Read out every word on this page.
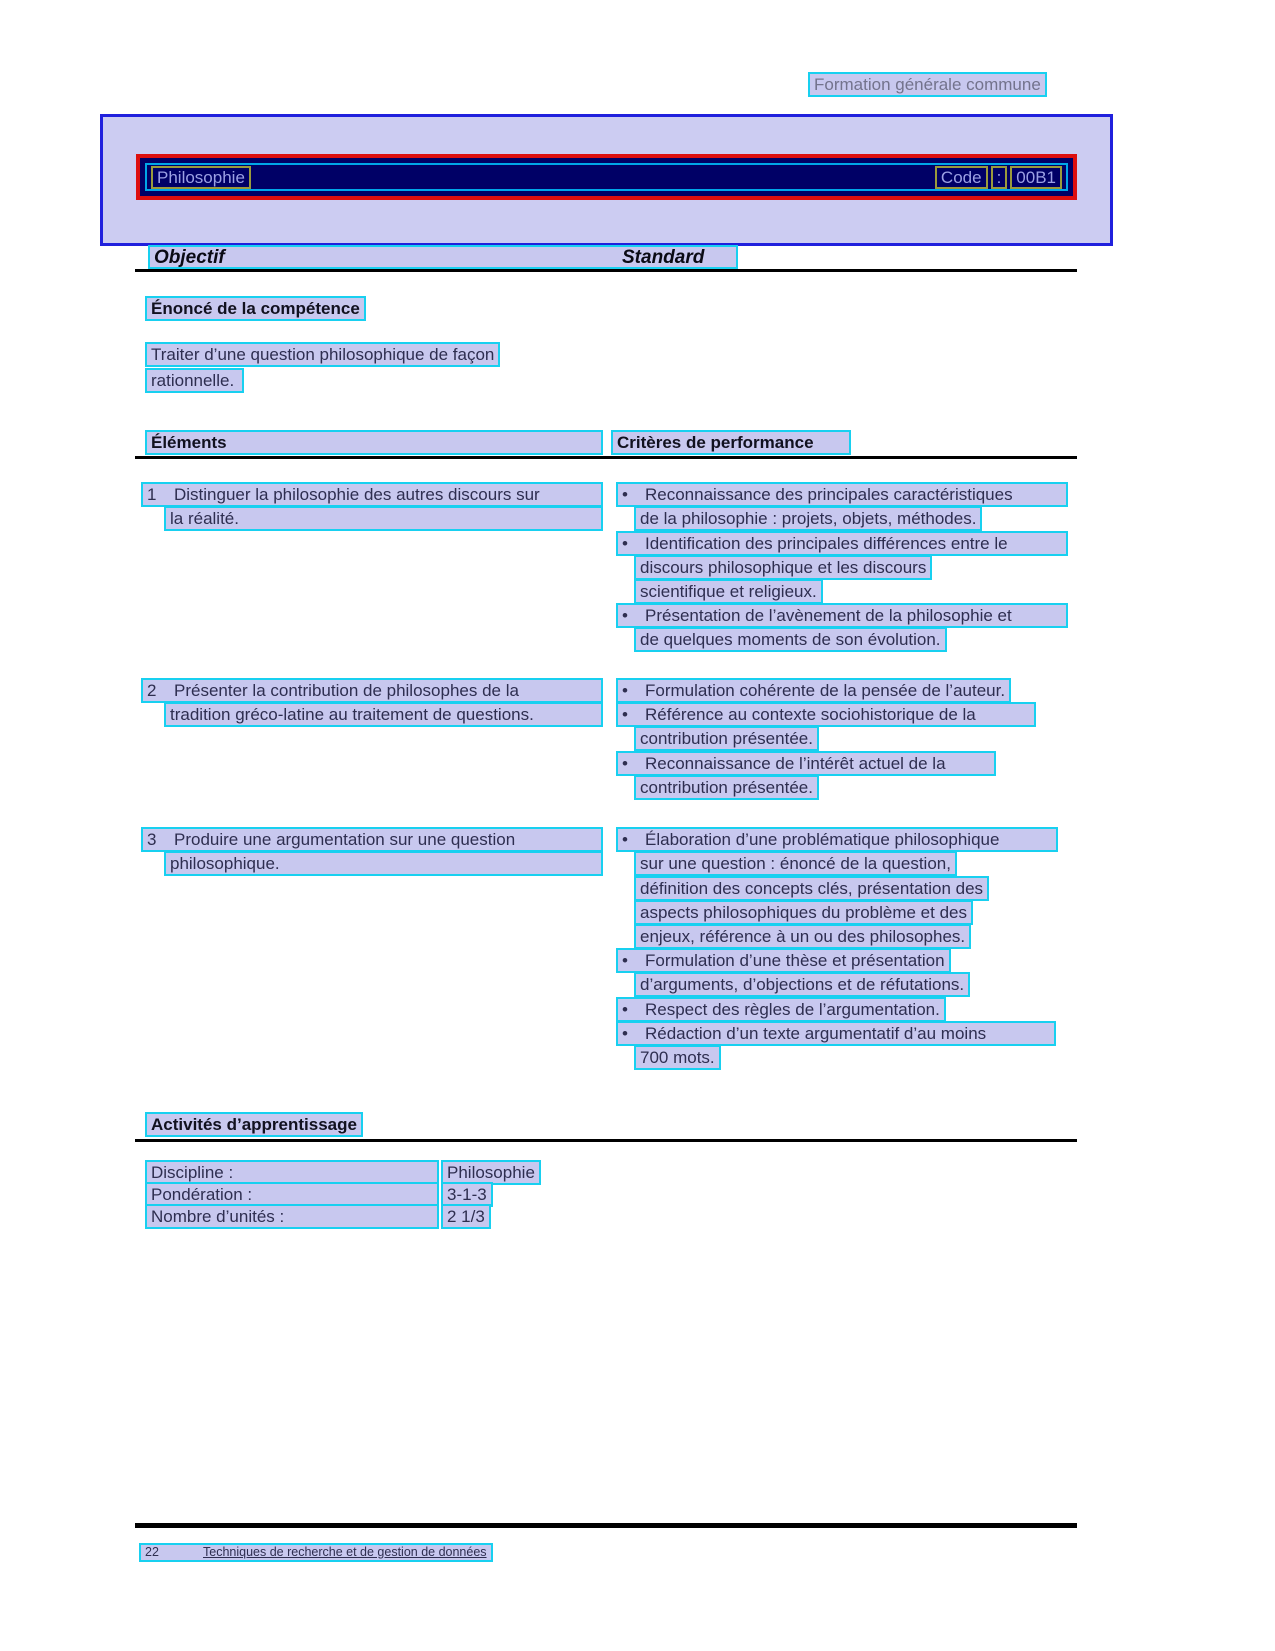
Formation générale commune
Philosophie	Code : 00B1
Objectif	Standard
Énoncé de la compétence
Traiter d’une question philosophique de façon
rationnelle.
Éléments	Critères de performance
1 Distinguer la philosophie des autres discours sur
la réalité.
• Reconnaissance des principales caractéristiques
de la philosophie : projets, objets, méthodes.
• Identification des principales différences entre le
discours philosophique et les discours
scientifique et religieux.
• Présentation de l’avènement de la philosophie et
de quelques moments de son évolution.
2 Présenter la contribution de philosophes de la
tradition gréco-latine au traitement de questions.
• Formulation cohérente de la pensée de l’auteur.
• Référence au contexte sociohistorique de la
contribution présentée.
• Reconnaissance de l’intérêt actuel de la
contribution présentée.
3 Produire une argumentation sur une question
philosophique.
• Élaboration d’une problématique philosophique
sur une question : énoncé de la question,
définition des concepts clés, présentation des
aspects philosophiques du problème et des
enjeux, référence à un ou des philosophes.
• Formulation d’une thèse et présentation
d’arguments, d’objections et de réfutations.
• Respect des règles de l’argumentation.
• Rédaction d’un texte argumentatif d’au moins
700 mots.
Activités d’apprentissage
Discipline :	Philosophie
Pondération :	3-1-3
Nombre d’unités :	2 1/3
22	Techniques de recherche et de gestion de données
